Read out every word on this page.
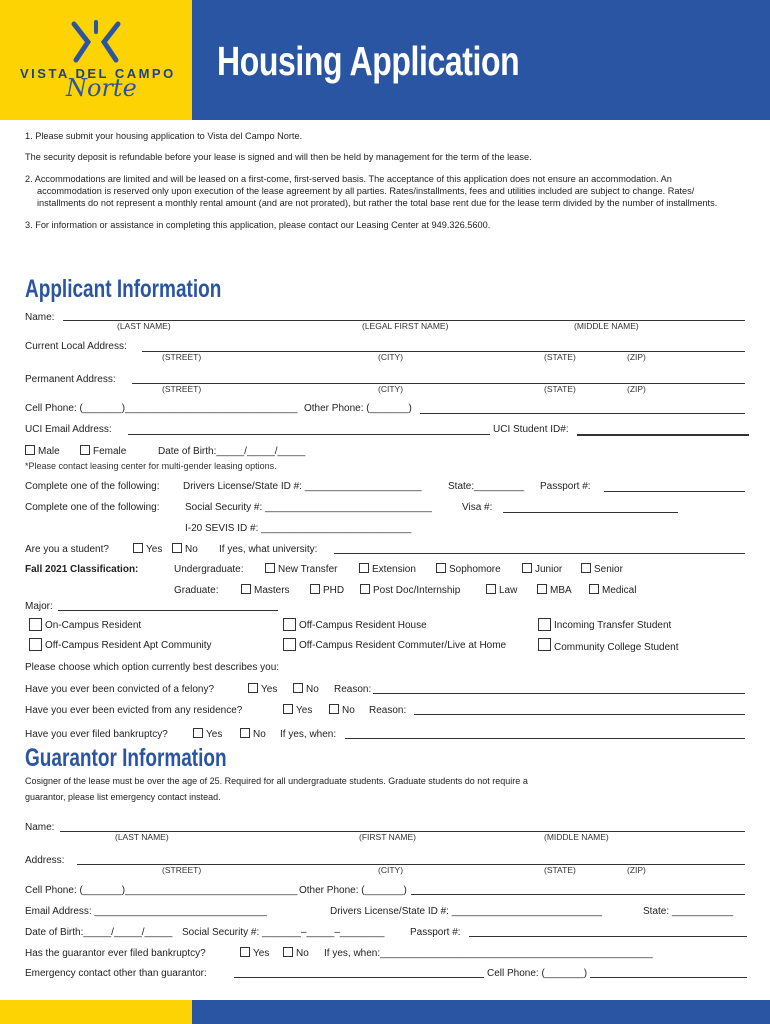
VISTA DEL CAMPO
Norte
Housing Application
1. Please submit your housing application to Vista del Campo Norte.
The security deposit is refundable before your lease is signed and will then be held by management for the term of the lease.
2. Accommodations are limited and will be leased on a first-come, first-served basis. The acceptance of this application does not ensure an accommodation. An
accommodation is reserved only upon execution of the lease agreement by all parties. Rates/installments, fees and utilities included are subject to change. Rates/
installments do not represent a monthly rental amount (and are not prorated), but rather the total base rent due for the lease term divided by the number of installments.
3. For information or assistance in completing this application, please contact our Leasing Center at 949.326.5600.
Applicant Information
Name:
(LAST NAME)	(LEGAL FIRST NAME)	(MIDDLE NAME)
Current Local Address:
(STREET)	(CITY)	(STATE)	(ZIP)
Permanent Address:
(STREET)	(CITY)	(STATE)	(ZIP)
Cell Phone: (_______)_______________________________ Other Phone: (_______)
UCI Email Address:	UCI Student ID#:
Male	Female	Date of Birth:_____/_____/_____
*Please contact leasing center for multi-gender leasing options.
Complete one of the following: Drivers License/State ID #: _____________________	State:_________ Passport #:
Complete one of the following:	Social Security #: ______________________________	Visa #:
I-20 SEVIS ID #: ___________________________
Are you a student?	Yes	No If yes, what university:
Fall 2021 Classification:	Undergraduate:	New Transfer	Extension	Sophomore	Junior	Senior
Graduate:	Masters	PHD	Post Doc/Internship	Law	MBA	Medical
Major:
On-Campus Resident	Off-Campus Resident House	Incoming Transfer Student
Off-Campus Resident Apt Community	Off-Campus Resident Commuter/Live at Home	Community College Student
Please choose which option currently best describes you:
Have you ever been convicted of a felony?	Yes	No Reason:
Have you ever been evicted from any residence?	Yes	No Reason:
Have you ever filed bankruptcy?	Yes	No If yes, when:
Guarantor Information
Cosigner of the lease must be over the age of 25. Required for all undergraduate students. Graduate students do not require a
guarantor, please list emergency contact instead.
Name:
(LAST NAME)	(FIRST NAME)	(MIDDLE NAME)
Address:
(STREET)	(CITY)	(STATE)	(ZIP)
Cell Phone: (_______)_______________________________ Other Phone: (_______)
Email Address: _______________________________	Drivers License/State ID #: ___________________________	State: ___________
Date of Birth:_____/_____/_____ Social Security #: _______–_____–________	Passport #:
Has the guarantor ever filed bankruptcy?	Yes	No If yes, when:_________________________________________________
Emergency contact other than guarantor:	Cell Phone: (_______)
